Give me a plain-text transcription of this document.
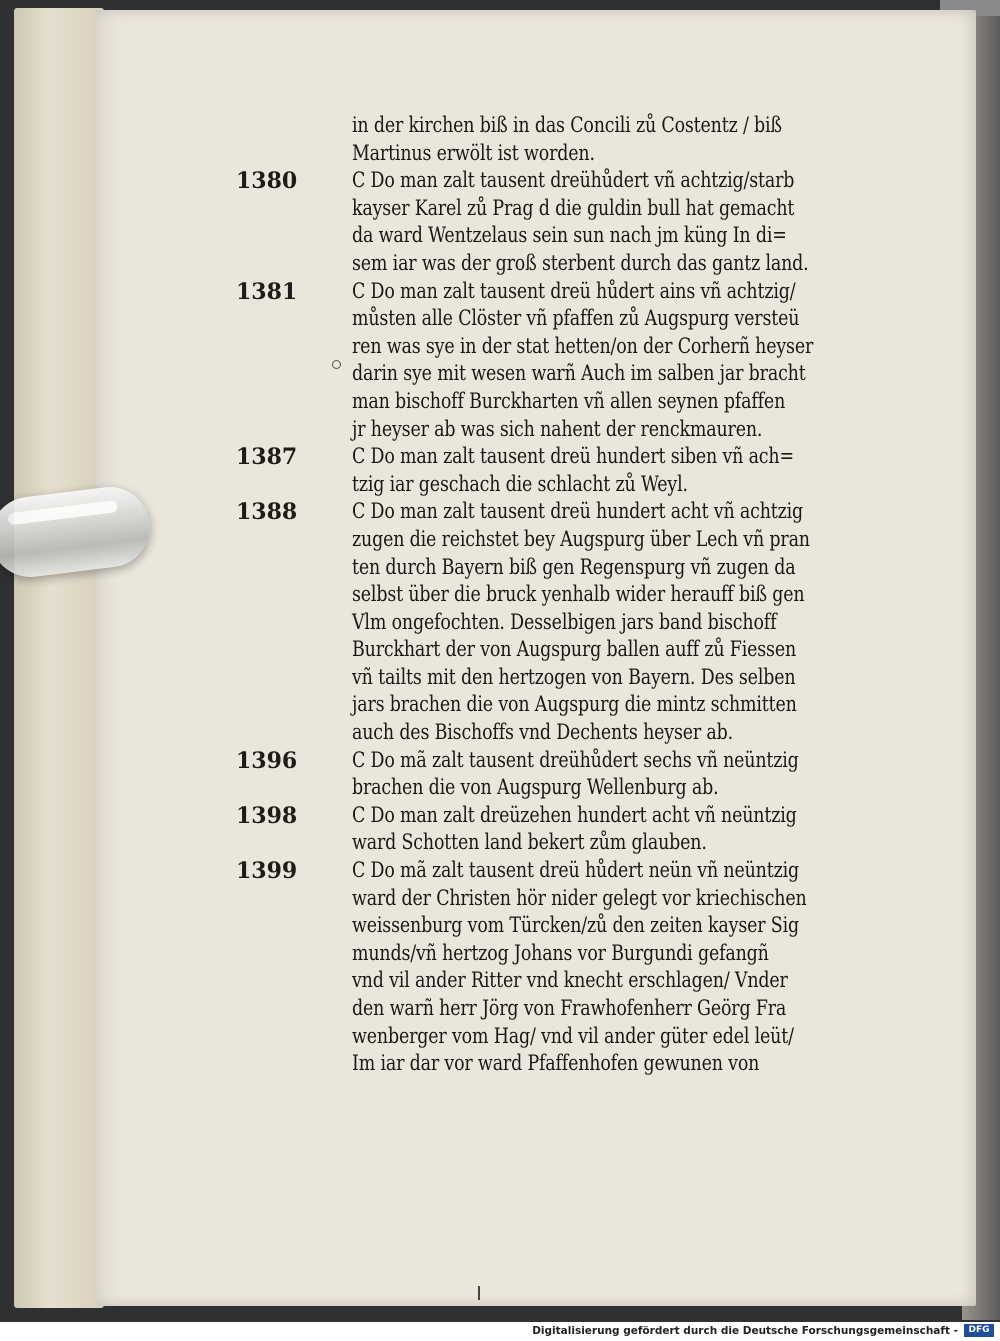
in der kirchen biß in das Concili zů Costentz / biß
Martinus erwölt ist worden.
C Do man zalt tausent dreühůdert vñ achtzig/starb
kayser Karel zů Prag d die guldin bull hat gemacht
da ward Wentzelaus sein sun nach jm küng In di=
sem iar was der groß sterbent durch das gantz land.
C Do man zalt tausent dreü hůdert ains vñ achtzig/
můsten alle Clöster vñ pfaffen zů Augspurg versteü
ren was sye in der stat hetten/on der Corherñ heyser
darin sye mit wesen warñ Auch im salben jar bracht
man bischoff Burckharten vñ allen seynen pfaffen
jr heyser ab was sich nahent der renckmauren.
C Do man zalt tausent dreü hundert siben vñ ach=
tzig iar geschach die schlacht zů Weyl.
C Do man zalt tausent dreü hundert acht vñ achtzig
zugen die reichstet bey Augspurg über Lech vñ pran
ten durch Bayern biß gen Regenspurg vñ zugen da
selbst über die bruck yenhalb wider herauff biß gen
Vlm ongefochten. Desselbigen jars band bischoff
Burckhart der von Augspurg ballen auff zů Fiessen
vñ tailts mit den hertzogen von Bayern. Des selben
jars brachen die von Augspurg die mintz schmitten
auch des Bischoffs vnd Dechents heyser ab.
C Do mã zalt tausent dreühůdert sechs vñ neüntzig
brachen die von Augspurg Wellenburg ab.
C Do man zalt dreüzehen hundert acht vñ neüntzig
ward Schotten land bekert zům glauben.
C Do mã zalt tausent dreü hůdert neün vñ neüntzig
ward der Christen hör nider gelegt vor kriechischen
weissenburg vom Türcken/zů den zeiten kayser Sig
munds/vñ hertzog Johans vor Burgundi gefangñ
vnd vil ander Ritter vnd knecht erschlagen/ Vnder
den warñ herr Jörg von Frawhofenherr Geörg Fra
wenberger vom Hag/ vnd vil ander güter edel leüt/
Im iar dar vor ward Pfaffenhofen gewunen von
1380
1381
1387
1388
1396
1398
1399
Digitalisierung gefördert durch die Deutsche Forschungsgemeinschaft -	DFG
